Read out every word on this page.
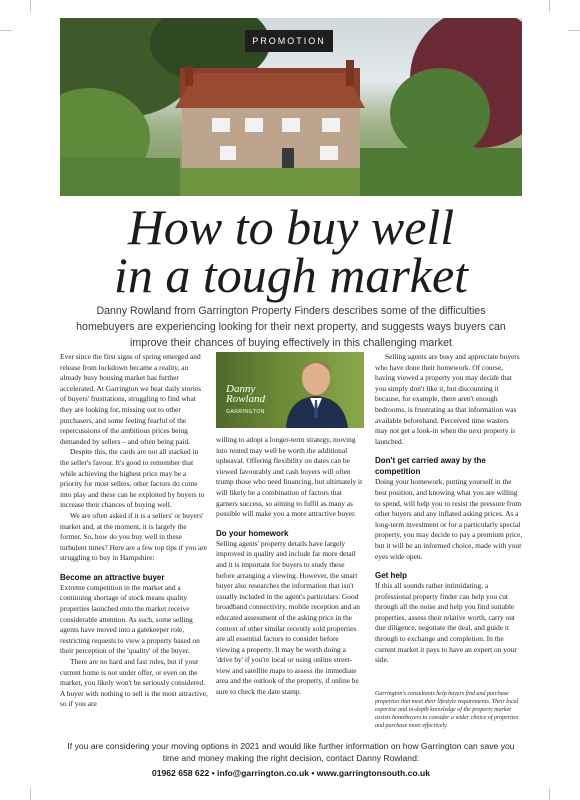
PROMOTION
How to buy well
in a tough market
Danny Rowland from Garrington Property Finders describes some of the difficulties homebuyers are experiencing looking for their next property, and suggests ways buyers can improve their chances of buying effectively in this challenging market

Ever since the first signs of spring emerged and release from lockdown became a reality, an already busy housing market has further accelerated. At Garrington we hear daily stories of buyers' frustrations, struggling to find what they are looking for, missing out to other purchasers, and some feeling fearful of the repercussions of the ambitious prices being demanded by sellers – and often being paid.

Despite this, the cards are not all stacked in the seller's favour. It's good to remember that while achieving the highest price may be a priority for most sellers, other factors do come into play and these can be exploited by buyers to increase their chances of buying well.

We are often asked if it is a sellers' or buyers' market and, at the moment, it is largely the former. So, how do you buy well in these turbulent times? Here are a few top tips if you are struggling to buy in Hampshire:

Become an attractive buyer

Extreme competition in the market and a continuing shortage of stock means quality properties launched onto the market receive considerable attention. As such, some selling agents have moved into a gatekeeper role, restricting requests to view a property based on their perception of the 'quality' of the buyer.

There are no hard and fast rules, but if your current home is not under offer, or even on the market, you likely won't be seriously considered. A buyer with nothing to sell is the most attractive, so if you are

Danny
Rowland
GARRINGTON

willing to adopt a longer-term strategy, moving into rented may well be worth the additional upheaval. Offering flexibility on dates can be viewed favourably and cash buyers will often trump those who need financing, but ultimately it will likely be a combination of factors that garners success, so aiming to fulfil as many as possible will make you a more attractive buyer.

Do your homework

Selling agents' property details have largely improved in quality and include far more detail and it is important for buyers to study these before arranging a viewing. However, the smart buyer also researches the information that isn't usually included in the agent's particulars. Good broadband connectivity, mobile reception and an educated assessment of the asking price in the context of other similar recently sold properties are all essential factors to consider before viewing a property. It may be worth doing a 'drive by' if you're local or using online street-view and satellite maps to assess the immediate area and the outlook of the property, if online be sure to check the date stamp.

Selling agents are busy and appreciate buyers who have done their homework. Of course, having viewed a property you may decide that you simply don't like it, but discounting it because, for example, there aren't enough bedrooms, is frustrating as that information was available beforehand. Perceived time wasters may not get a look-in when the next property is launched.

Don't get carried away by the competition

Doing your homework, putting yourself in the best position, and knowing what you are willing to spend, will help you to resist the pressure from other buyers and any inflated asking prices. As a long-term investment or for a particularly special property, you may decide to pay a premium price, but it will be an informed choice, made with your eyes wide open.

Get help

If this all sounds rather intimidating, a professional property finder can help you cut through all the noise and help you find suitable properties, assess their relative worth, carry out due diligence, negotiate the deal, and guide it through to exchange and completion. In the current market it pays to have an expert on your side.

Garrington's consultants help buyers find and purchase properties that meet their lifestyle requirements. Their local expertise and in-depth knowledge of the property market assists homebuyers to consider a wider choice of properties and purchase more effectively.
If you are considering your moving options in 2021 and would like further information on how Garrington can save you time and money making the right decision, contact Danny Rowland:
01962 658 622 • info@garrington.co.uk • www.garringtonsouth.co.uk
